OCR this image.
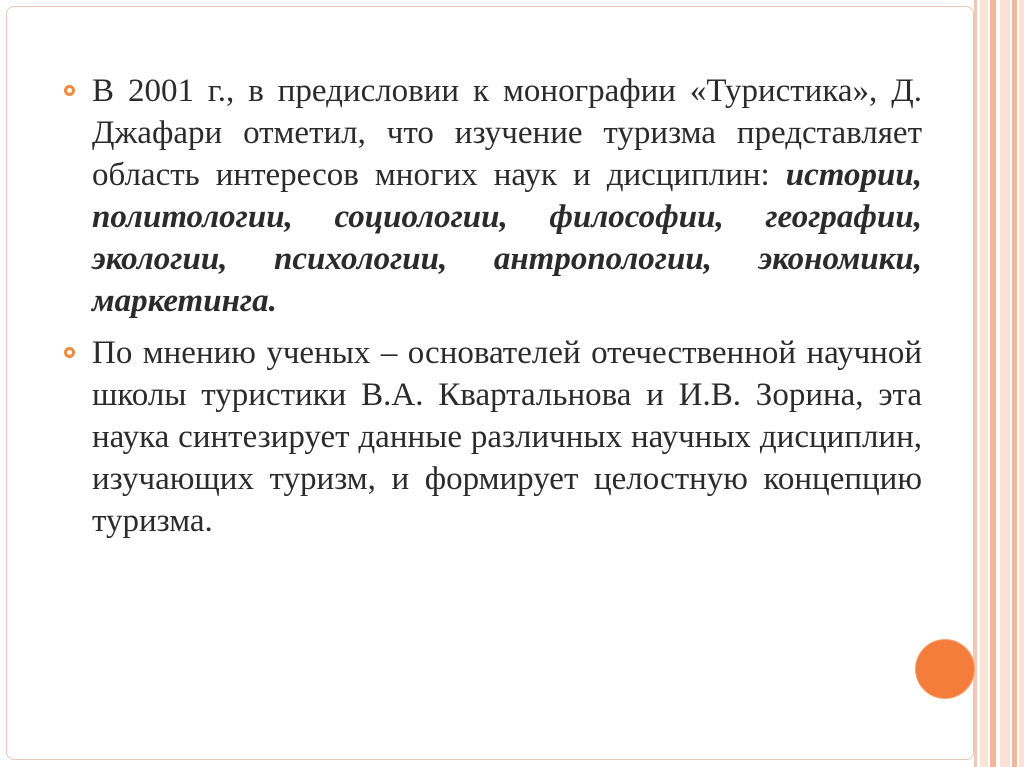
В 2001 г., в предисловии к монографии «Туристика», Д. Джафари отметил, что изучение туризма представляет область интересов многих наук и дисциплин: истории, политологии, социологии, философии, географии, экологии, психологии, антропологии, экономики, маркетинга.
По мнению ученых – основателей отечественной научной школы туристики В.А. Квартальнова и И.В. Зорина, эта наука синтезирует данные различных научных дисциплин, изучающих туризм, и формирует целостную концепцию туризма.
